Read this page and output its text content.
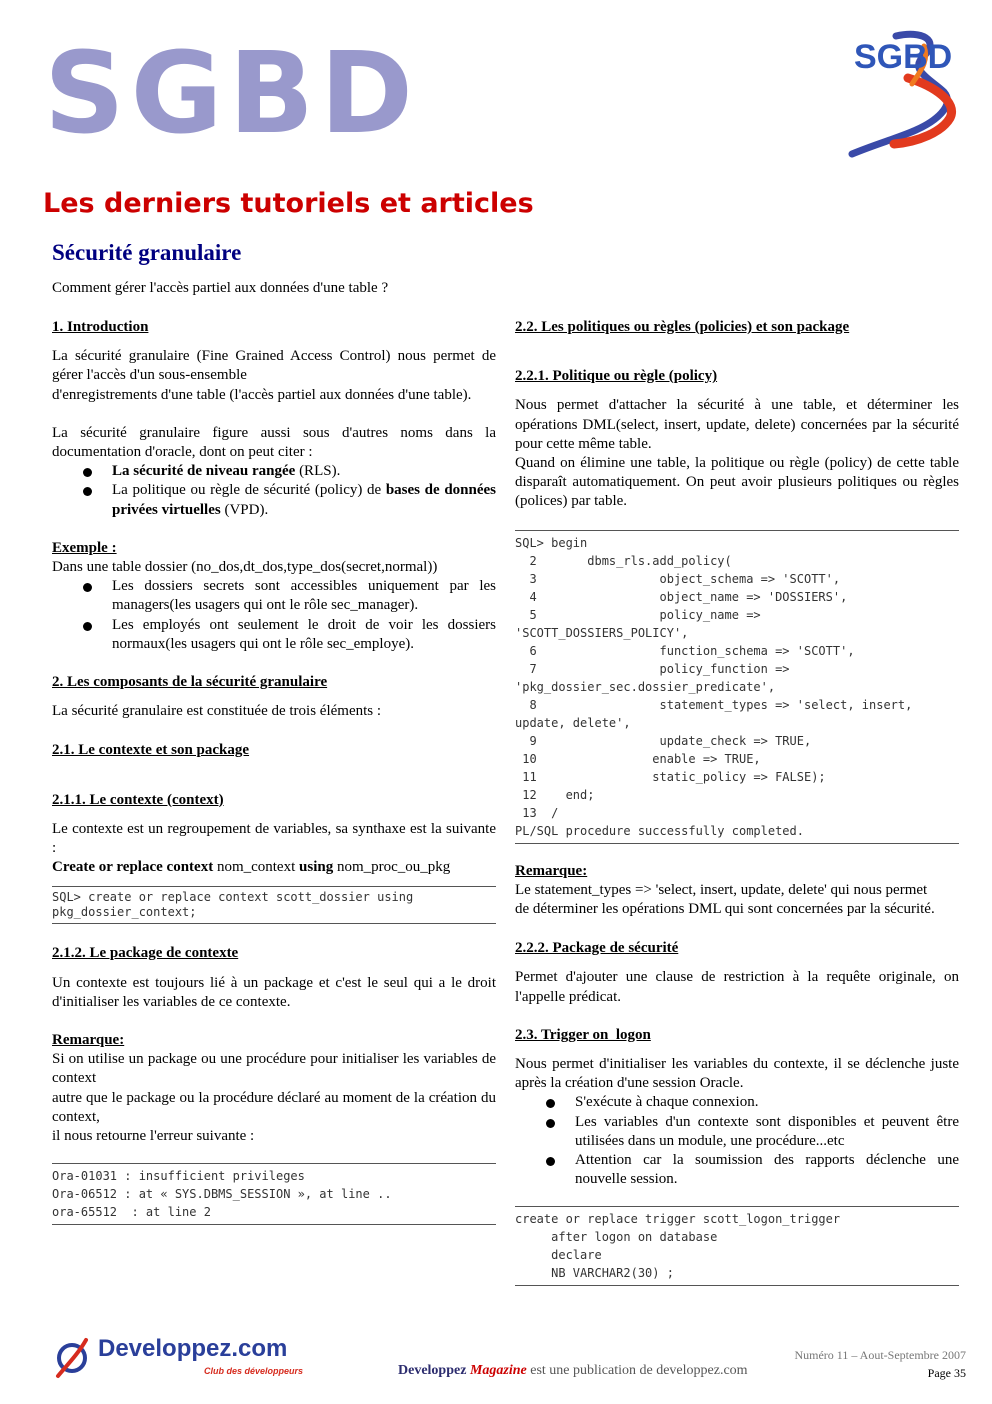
SGBD	SGBD
Les derniers tutoriels et articles
Sécurité granulaire

Comment gérer l'accès partiel aux données d'une table ?

1. Introduction

La sécurité granulaire (Fine Grained Access Control) nous permet de gérer l'accès d'un sous-ensemble

d'enregistrements d'une table (l'accès partiel aux données d'une table).

La sécurité granulaire figure aussi sous d'autres noms dans la documentation d'oracle, dont on peut citer :

La sécurité de niveau rangée (RLS).
La politique ou règle de sécurité (policy) de bases de données privées virtuelles (VPD).

Exemple :

Dans une table dossier (no_dos,dt_dos,type_dos(secret,normal))

Les dossiers secrets sont accessibles uniquement par les managers(les usagers qui ont le rôle sec_manager).
Les employés ont seulement le droit de voir les dossiers normaux(les usagers qui ont le rôle sec_employe).

2. Les composants de la sécurité granulaire

La sécurité granulaire est constituée de trois éléments :

2.1. Le contexte et son package

2.1.1. Le contexte (context)

Le contexte est un regroupement de variables, sa synthaxe est la suivante :

Create or replace context nom_context using nom_proc_ou_pkg

SQL> create or replace context scott_dossier using pkg_dossier_context;

2.1.2. Le package de contexte

Un contexte est toujours lié à un package et c'est le seul qui a le droit d'initialiser les variables de ce contexte.

Remarque:

Si on utilise un package ou une procédure pour initialiser les variables de context

autre que le package ou la procédure déclaré au moment de la création du context,

il nous retourne l'erreur suivante :

Ora-01031 : insufficient privileges
Ora-06512 : at « SYS.DBMS_SESSION », at line ..
ora-65512  : at line 2

2.2. Les politiques ou règles (policies) et son package

2.2.1. Politique ou règle (policy)

Nous permet d'attacher la sécurité à une table, et déterminer les opérations DML(select, insert, update, delete) concernées par la sécurité pour cette même table.

Quand on élimine une table, la politique ou règle (policy) de cette table disparaît automatiquement. On peut avoir plusieurs politiques ou règles (polices) par table.

SQL> begin
2       dbms_rls.add_policy(
3                 object_schema => 'SCOTT',
4                 object_name => 'DOSSIERS',
5                 policy_name =>
'SCOTT_DOSSIERS_POLICY',
6                 function_schema => 'SCOTT',
7                 policy_function =>
'pkg_dossier_sec.dossier_predicate',
8                 statement_types => 'select, insert,
update, delete',
9                 update_check => TRUE,
10                enable => TRUE,
11                static_policy => FALSE);
12    end;
13  /
PL/SQL procedure successfully completed.

Remarque:

Le statement_types => 'select, insert, update, delete' qui nous permet

de déterminer les opérations DML qui sont concernées par la sécurité.

2.2.2. Package de sécurité

Permet d'ajouter une clause de restriction à la requête originale, on l'appelle prédicat.

2.3. Trigger on_logon

Nous permet d'initialiser les variables du contexte, il se déclenche juste après la création d'une session Oracle.

S'exécute à chaque connexion.
Les variables d'un contexte sont disponibles et peuvent être utilisées dans un module, une procédure...etc
Attention car la soumission des rapports déclenche une nouvelle session.
create or replace trigger scott_logon_trigger
after logon on database
declare
NB VARCHAR2(30) ;
Developpez.com
Club des développeurs
Numéro 11 – Aout-Septembre 2007
Developpez Magazine est une publication de developpez.com	Page 35
